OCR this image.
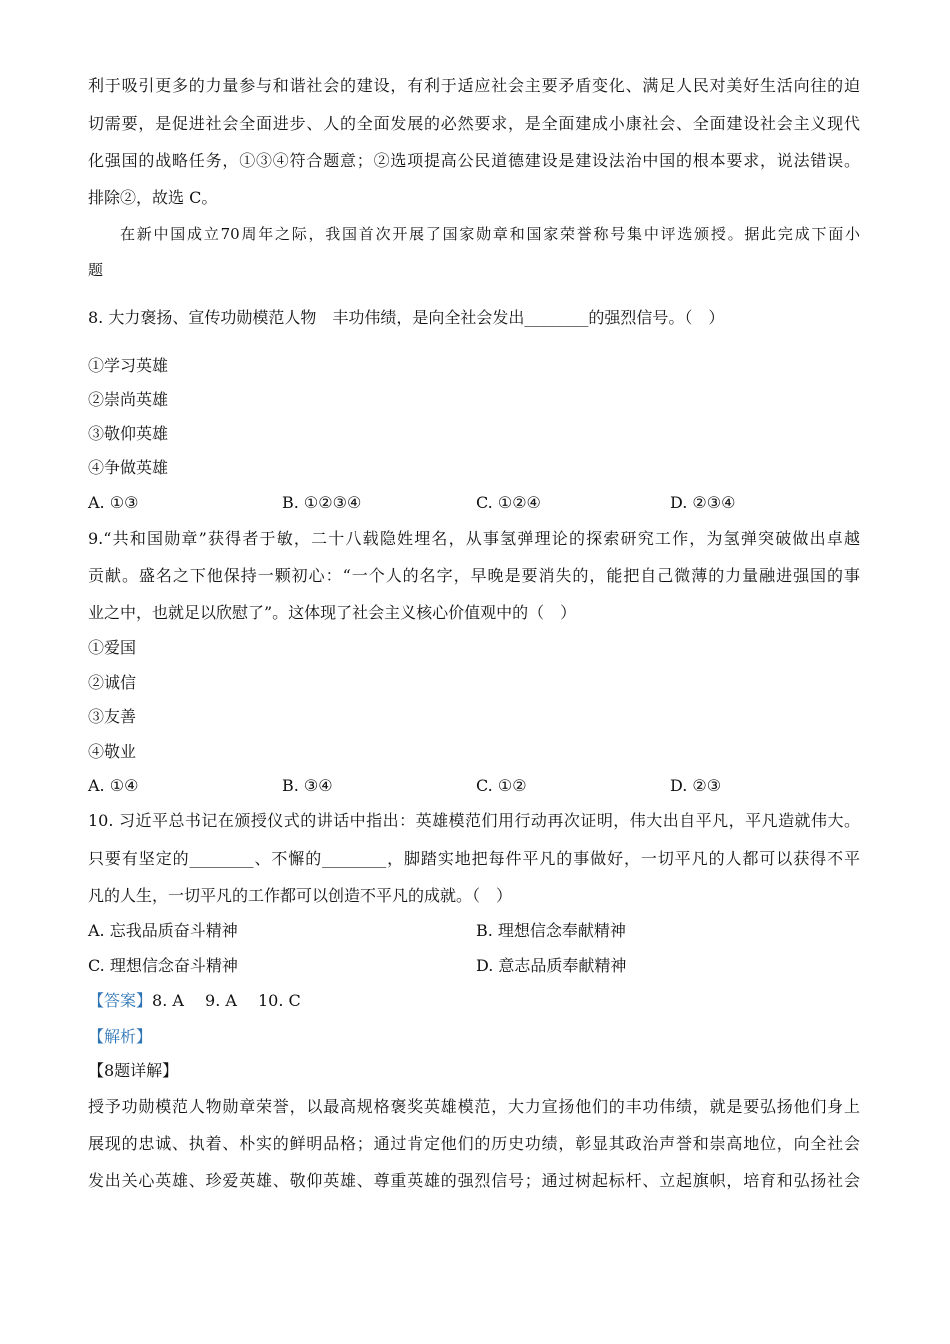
利于吸引更多的力量参与和谐社会的建设，有利于适应社会主要矛盾变化、满足人民对美好生活向往的迫
切需要，是促进社会全面进步、人的全面发展的必然要求，是全面建成小康社会、全面建设社会主义现代
化强国的战略任务，①③④符合题意；②选项提高公民道德建设是建设法治中国的根本要求，说法错误。
排除②，故选 C。
在新中国成立70周年之际，我国首次开展了国家勋章和国家荣誉称号集中评选颁授。据此完成下面小
题
8. 大力褒扬、宣传功勋模范人物　丰功伟绩，是向全社会发出________的强烈信号。（　）
①学习英雄
②崇尚英雄
③敬仰英雄
④争做英雄
A. ①③	B. ①②③④	C. ①②④	D. ②③④
9.“共和国勋章”获得者于敏，二十八载隐姓埋名，从事氢弹理论的探索研究工作，为氢弹突破做出卓越
贡献。盛名之下他保持一颗初心：“一个人的名字，早晚是要消失的，能把自己微薄的力量融进强国的事
业之中，也就足以欣慰了”。这体现了社会主义核心价值观中的（　）
①爱国
②诚信
③友善
④敬业
A. ①④	B. ③④	C. ①②	D. ②③
10. 习近平总书记在颁授仪式的讲话中指出：英雄模范们用行动再次证明，伟大出自平凡，平凡造就伟大。
只要有坚定的________、不懈的________，脚踏实地把每件平凡的事做好，一切平凡的人都可以获得不平
凡的人生，一切平凡的工作都可以创造不平凡的成就。（　）
A. 忘我品质奋斗精神	B. 理想信念奉献精神
C. 理想信念奋斗精神	D. 意志品质奉献精神
【答案】8. A　 9. A　 10. C
【解析】
【8题详解】
授予功勋模范人物勋章荣誉，以最高规格褒奖英雄模范，大力宣扬他们的丰功伟绩，就是要弘扬他们身上
展现的忠诚、执着、朴实的鲜明品格；通过肯定他们的历史功绩，彰显其政治声誉和崇高地位，向全社会
发出关心英雄、珍爱英雄、敬仰英雄、尊重英雄的强烈信号；通过树起标杆、立起旗帜，培育和弘扬社会
